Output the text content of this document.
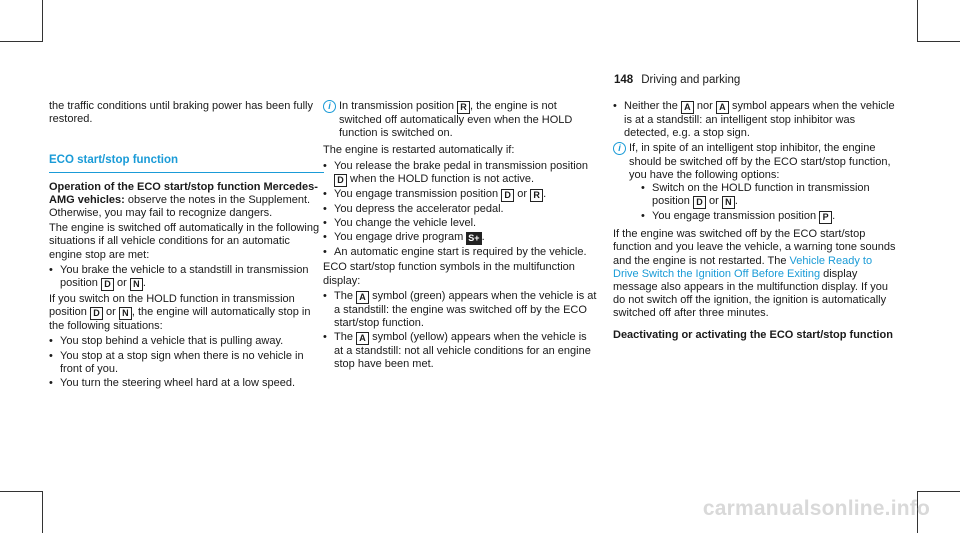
148 Driving and parking

the traffic conditions until braking power has been fully restored.

ECO start/stop function

Operation of the ECO start/stop function Mercedes-AMG vehicles: observe the notes in the Supplement. Otherwise, you may fail to recognize dangers.

The engine is switched off automatically in the following situations if all vehicle conditions for an automatic engine stop are met:

• You brake the vehicle to a standstill in transmission position D or N .

If you switch on the HOLD function in transmission position D or N , the engine will automatically stop in the following situations:

• You stop behind a vehicle that is pulling away.
• You stop at a stop sign when there is no vehicle in front of you.
• You turn the steering wheel hard at a low speed.
i In transmission position R , the engine is not switched off automatically even when the HOLD function is switched on.

The engine is restarted automatically if:

• You release the brake pedal in transmission position D when the HOLD function is not active.
• You engage transmission position D or R .
• You depress the accelerator pedal.
• You change the vehicle level.
• You engage drive program S+ .
• An automatic engine start is required by the vehicle.

ECO start/stop function symbols in the multifunction display:

• The A symbol (green) appears when the vehicle is at a standstill: the engine was switched off by the ECO start/stop function.
• The A symbol (yellow) appears when the vehicle is at a standstill: not all vehicle conditions for an engine stop have been met.
• Neither the A nor A symbol appears when the vehicle is at a standstill: an intelligent stop inhibitor was detected, e.g. a stop sign.
i If, in spite of an intelligent stop inhibitor, the engine should be switched off by the ECO start/stop function, you have the following options:
• Switch on the HOLD function in transmission position D or N .
• You engage transmission position P .

If the engine was switched off by the ECO start/stop function and you leave the vehicle, a warning tone sounds and the engine is not restarted. The Vehicle Ready to Drive Switch the Ignition Off Before Exiting display message also appears in the multifunction display. If you do not switch off the ignition, the ignition is automatically switched off after three minutes.

Deactivating or activating the ECO start/stop function
carmanualsonline.info
